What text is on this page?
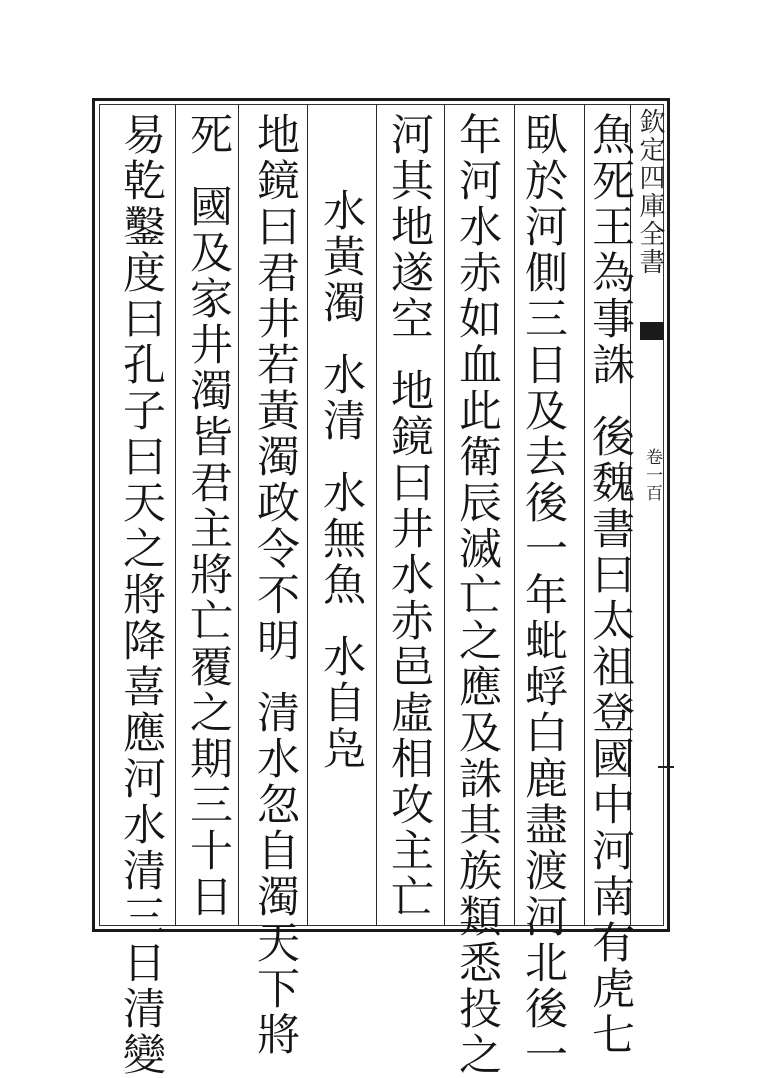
欽定四庫全書
卷一百
魚死王為事誅
後魏書曰太祖登國中河南有虎七
臥於河側三日及去後一年蚍蜉白鹿盡渡河北後一
年河水赤如血此衛辰滅亡之應及誅其族類悉投之
河其地遂空
地鏡曰井水赤邑虛相攻主亡
水黃濁
水清
水無魚
水自凫
地鏡曰君井若黃濁政令不明
清水忽自濁天下將
死
國及家井濁皆君主將亡覆之期三十日
易乾鑿度曰孔子曰天之將降喜應河水清三日清變
